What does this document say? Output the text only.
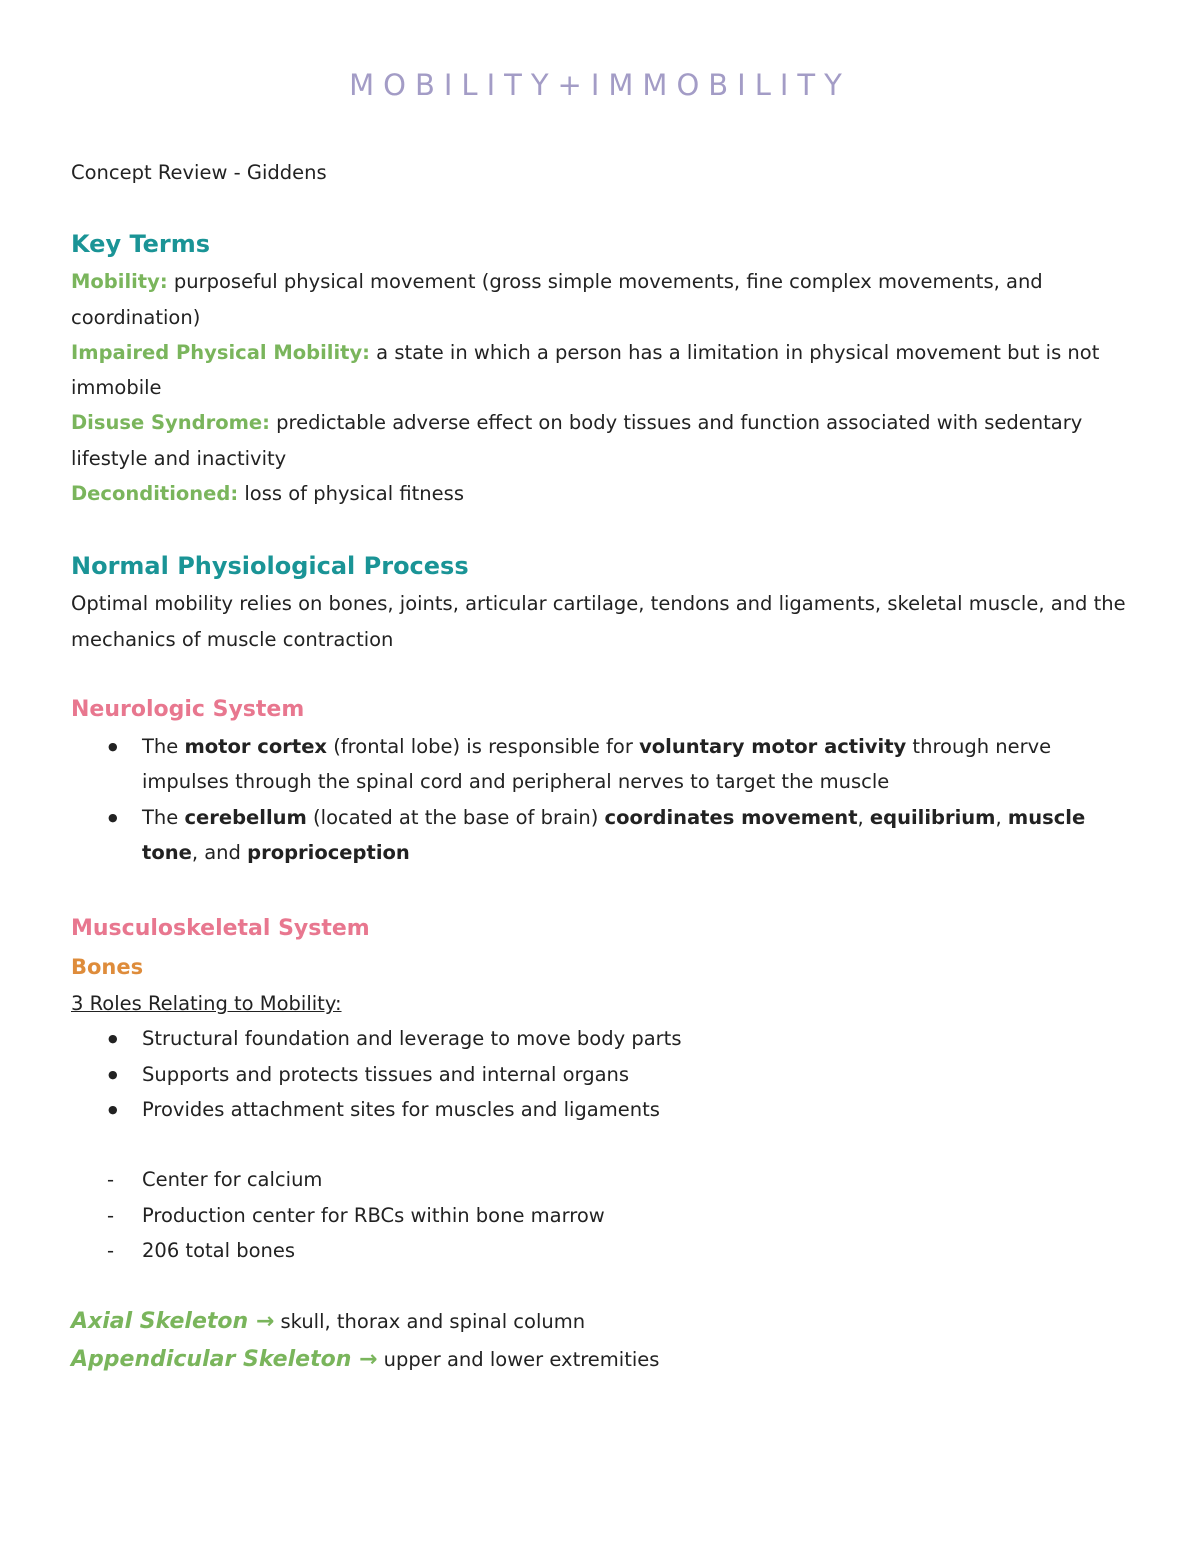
MOBILITY+IMMOBILITY

Concept Review - Giddens

Key Terms

Mobility: purposeful physical movement (gross simple movements, fine complex movements, and coordination)

Impaired Physical Mobility: a state in which a person has a limitation in physical movement but is not immobile

Disuse Syndrome: predictable adverse effect on body tissues and function associated with sedentary lifestyle and inactivity

Deconditioned: loss of physical fitness

Normal Physiological Process

Optimal mobility relies on bones, joints, articular cartilage, tendons and ligaments, skeletal muscle, and the mechanics of muscle contraction

Neurologic System
● The motor cortex (frontal lobe) is responsible for voluntary motor activity through nerve impulses through the spinal cord and peripheral nerves to target the muscle
● The cerebellum (located at the base of brain) coordinates movement, equilibrium, muscle tone, and proprioception
Musculoskeletal System
Bones

3 Roles Relating to Mobility:

● Structural foundation and leverage to move body parts
● Supports and protects tissues and internal organs
● Provides attachment sites for muscles and ligaments
- Center for calcium
- Production center for RBCs within bone marrow
- 206 total bones

Axial Skeleton → skull, thorax and spinal column

Appendicular Skeleton → upper and lower extremities
